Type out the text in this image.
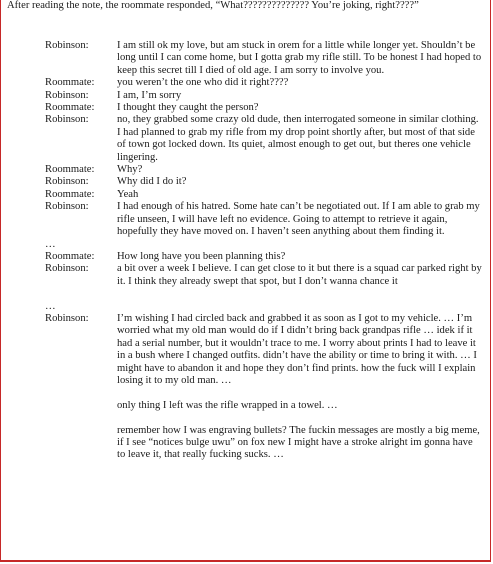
After reading the note, the roommate responded, “What?????????????? You’re joking, right????”
Robinson:	I am still ok my love, but am stuck in orem for a little while longer yet. Shouldn’t be long until I can come home, but I gotta grab my rifle still. To be honest I had hoped to keep this secret till I died of old age. I am sorry to involve you.
Roommate:	you weren’t the one who did it right????
Robinson:	I am, I’m sorry
Roommate:	I thought they caught the person?
Robinson:	no, they grabbed some crazy old dude, then interrogated someone in similar clothing. I had planned to grab my rifle from my drop point shortly after, but most of that side of town got locked down. Its quiet, almost enough to get out, but theres one vehicle lingering.
Roommate:	Why?
Robinson:	Why did I do it?
Roommate:	Yeah
Robinson:	I had enough of his hatred. Some hate can’t be negotiated out. If I am able to grab my rifle unseen, I will have left no evidence. Going to attempt to retrieve it again, hopefully they have moved on. I haven’t seen anything about them finding it.
…
Roommate:	How long have you been planning this?
Robinson:	a bit over a week I believe. I can get close to it but there is a squad car parked right by it. I think they already swept that spot, but I don’t wanna chance it
…
Robinson:	I’m wishing I had circled back and grabbed it as soon as I got to my vehicle. … I’m worried what my old man would do if I didn’t bring back grandpas rifle … idek if it had a serial number, but it wouldn’t trace to me. I worry about prints I had to leave it in a bush where I changed outfits. didn’t have the ability or time to bring it with. … I might have to abandon it and hope they don’t find prints. how the fuck will I explain losing it to my old man. …
only thing I left was the rifle wrapped in a towel. …
remember how I was engraving bullets? The fuckin messages are mostly a big meme, if I see “notices bulge uwu” on fox new I might have a stroke alright im gonna have to leave it, that really fucking sucks. …
